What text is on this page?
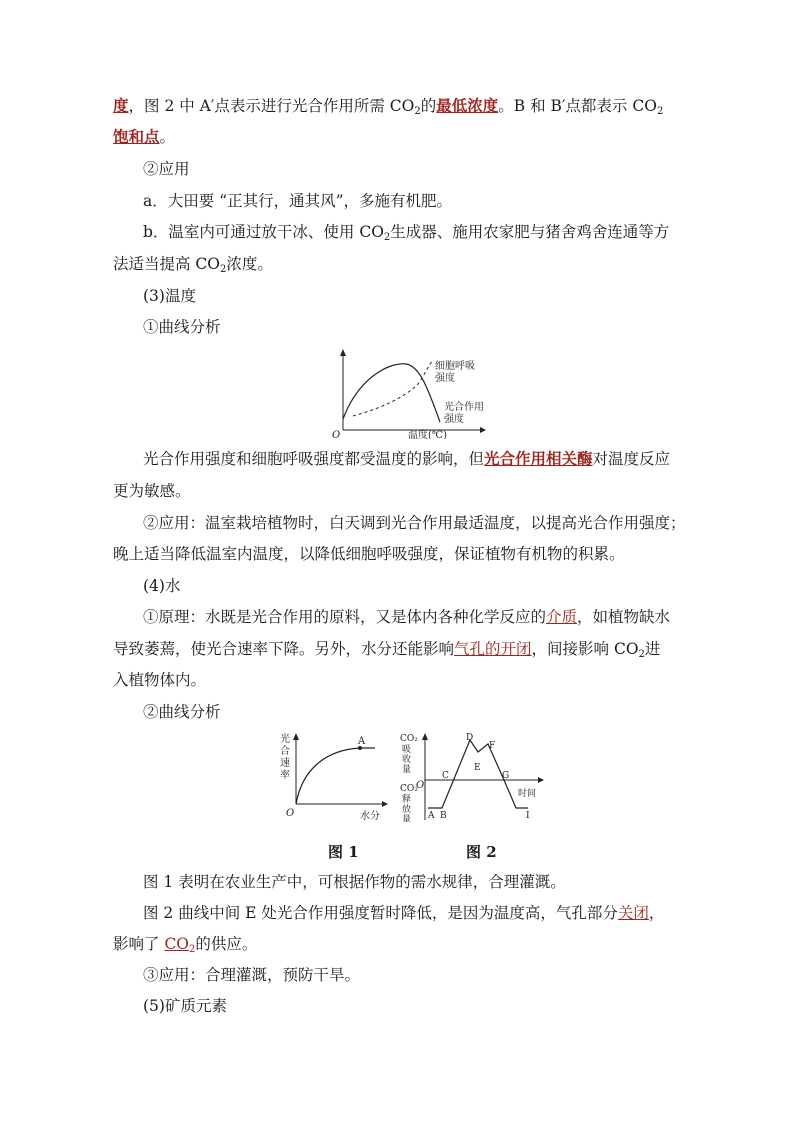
度，图 2 中 A′点表示进行光合作用所需 $CO_2$的最低浓度。B 和 B′点都表示 $CO_2$
饱和点。
②应用
a．大田要 “正其行，通其风”，多施有机肥。
b．温室内可通过放干冰、使用 $CO_2$生成器、施用农家肥与猪舍鸡舍连通等方
法适当提高 $CO_2$浓度。
(3)温度
①曲线分析
细胞呼吸
强度
光合作用
强度
O	温度(℃)
光合作用强度和细胞呼吸强度都受温度的影响，但光合作用相关酶对温度反应
更为敏感。
②应用：温室栽培植物时，白天调到光合作用最适温度，以提高光合作用强度；
晚上适当降低温室内温度，以降低细胞呼吸强度，保证植物有机物的积累。
(4)水
①原理：水既是光合作用的原料，又是体内各种化学反应的介质，如植物缺水
导致萎蔫，使光合速率下降。另外，水分还能影响气孔的开闭，间接影响 $CO_2$进
入植物体内。
②曲线分析
光
合
速
率
A
O	水分
CO₂
吸
收
量
CO₂
释
放
量
O
A B
C
D
E
F
G
I
时间
图 1	图 2
图 1 表明在农业生产中，可根据作物的需水规律，合理灌溉。
图 2 曲线中间 E 处光合作用强度暂时降低，是因为温度高，气孔部分关闭，
影响了 $CO_2$的供应。
③应用：合理灌溉，预防干旱。
(5)矿质元素
